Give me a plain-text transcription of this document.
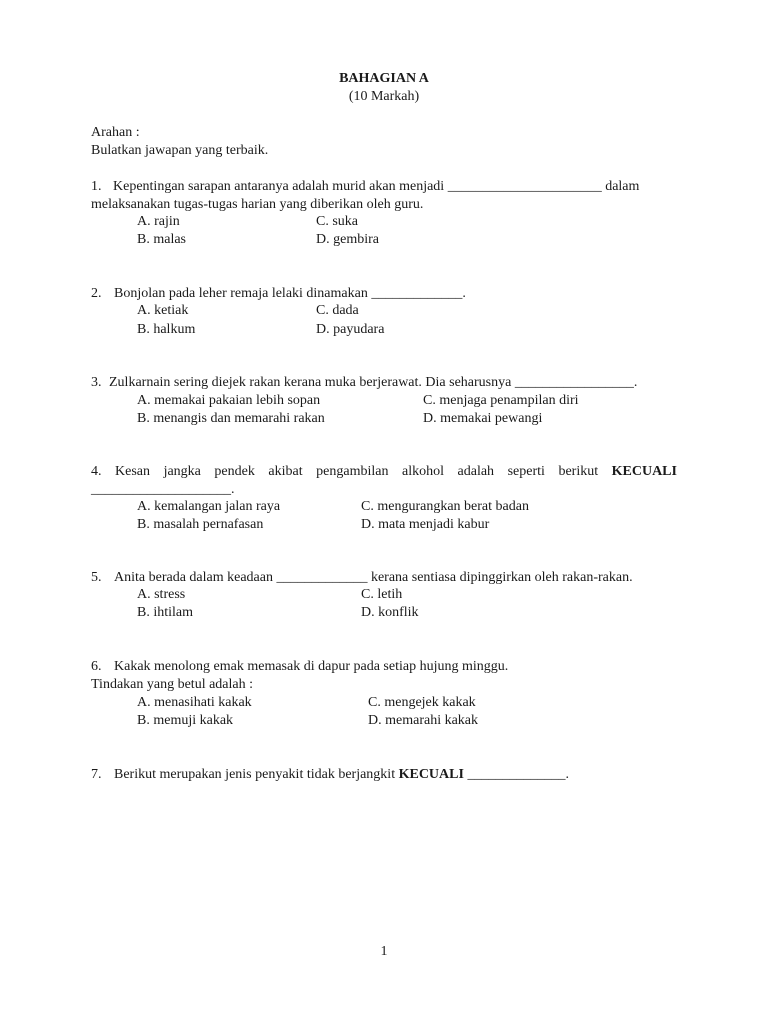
BAHAGIAN A
(10 Markah)
Arahan :
Bulatkan jawapan yang terbaik.
1. Kepentingan sarapan antaranya adalah murid akan menjadi ______________________ dalam
melaksanakan tugas-tugas harian yang diberikan oleh guru.
A. rajin
B. malas
C. suka
D. gembira
2. Bonjolan pada leher remaja lelaki dinamakan _____________.
A. ketiak
B. halkum
C. dada
D. payudara
3. Zulkarnain sering diejek rakan kerana muka berjerawat. Dia seharusnya _________________.
A. memakai pakaian lebih sopan
B. menangis dan memarahi rakan
C. menjaga penampilan diri
D. memakai pewangi
4. Kesan jangka pendek akibat pengambilan alkohol adalah seperti berikut KECUALI
____________________.
A. kemalangan jalan raya
B. masalah pernafasan
C. mengurangkan berat badan
D. mata menjadi kabur
5. Anita berada dalam keadaan _____________ kerana sentiasa dipinggirkan oleh rakan-rakan.
A. stress
B. ihtilam
C. letih
D. konflik
6. Kakak menolong emak memasak di dapur pada setiap hujung minggu.
Tindakan yang betul adalah :
A. menasihati kakak
B. memuji kakak
C. mengejek kakak
D. memarahi kakak
7. Berikut merupakan jenis penyakit tidak berjangkit KECUALI ______________.
1
